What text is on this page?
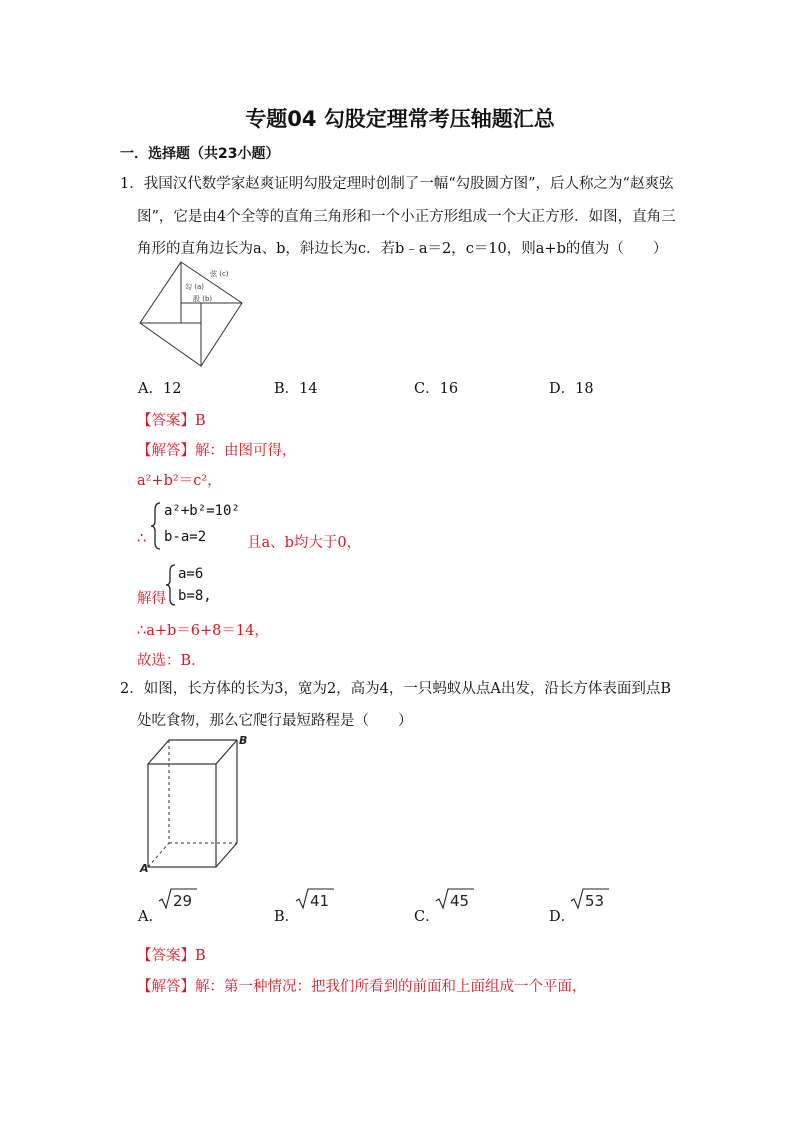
专题04 勾股定理常考压轴题汇总
一．选择题（共23小题）
1．我国汉代数学家赵爽证明勾股定理时创制了一幅“勾股圆方图”，后人称之为“赵爽弦
图”，它是由4个全等的直角三角形和一个小正方形组成一个大正方形．如图，直角三
角形的直角边长为a、b，斜边长为c．若b﹣a＝2，c＝10，则a+b的值为（　　）
弦 (c)
勾 (a)
股 (b)
A．12	B．14	C．16	D．18
【答案】B
【解答】解：由图可得，
a²+b²＝c²，
a²+b²=10²
b-a=2
∴	且a、b均大于0，
解得
a=6
b=8,
∴a+b＝6+8＝14，
故选：B．
2．如图，长方体的长为3，宽为2，高为4，一只蚂蚁从点A出发，沿长方体表面到点B
处吃食物，那么它爬行最短路程是（　　）
B
A
A．
29
B．
41
C．
45
D．
53
【答案】B
【解答】解：第一种情况：把我们所看到的前面和上面组成一个平面，
